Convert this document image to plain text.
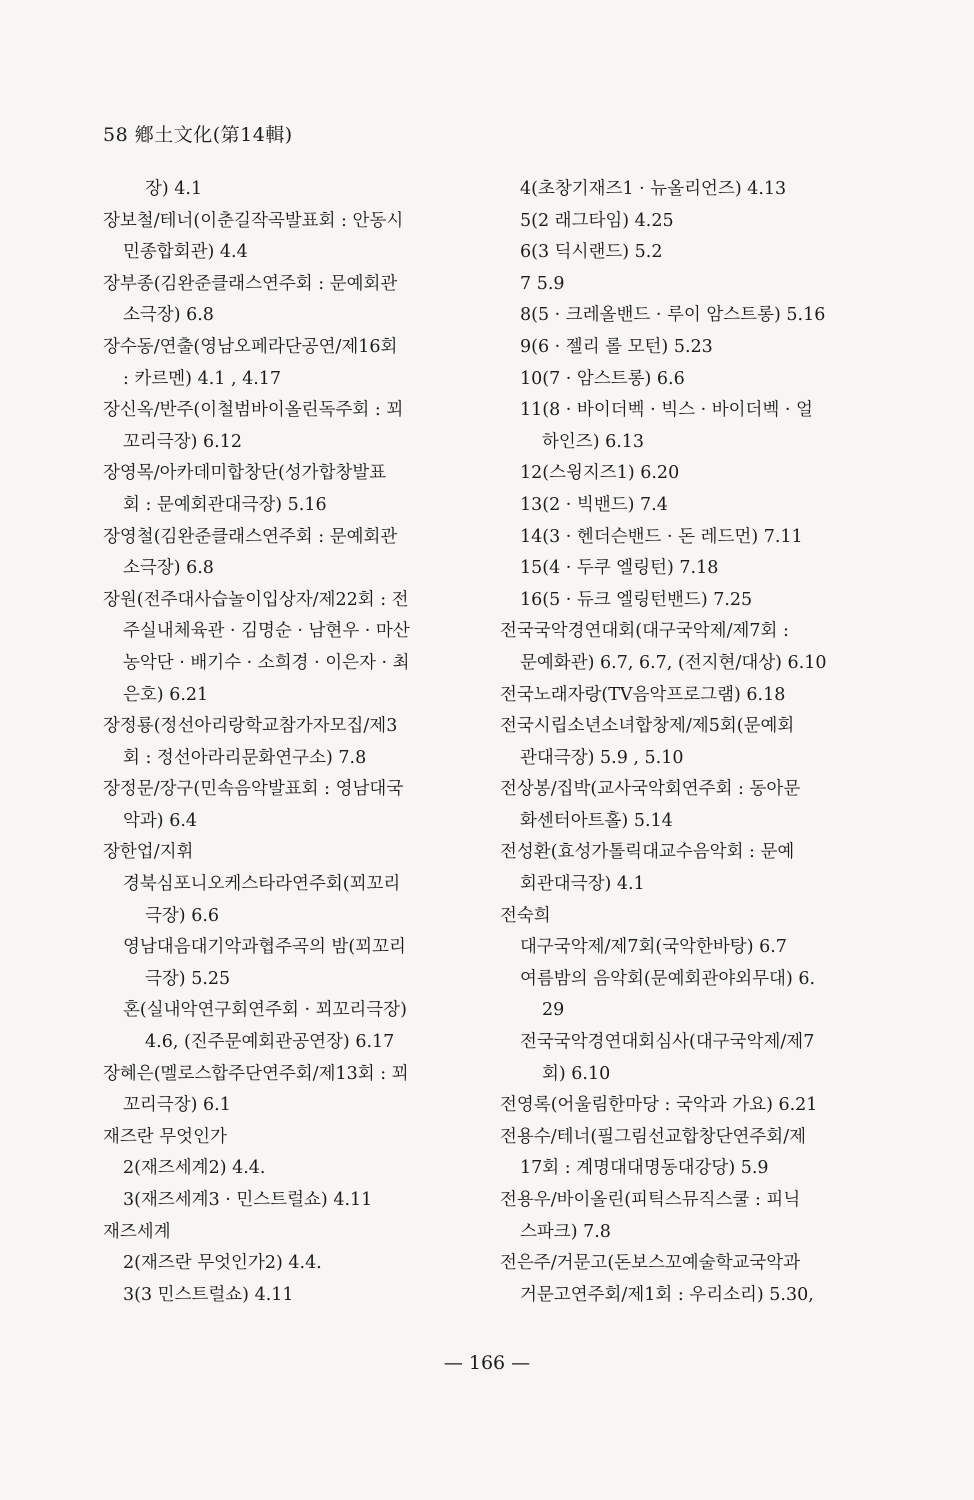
58 鄕土文化(第14輯)
장) 4.1
장보철/테너(이춘길작곡발표회 : 안동시
민종합회관) 4.4
장부종(김완준클래스연주회 : 문예회관
소극장) 6.8
장수동/연출(영남오페라단공연/제16회
: 카르멘) 4.1 , 4.17
장신옥/반주(이철범바이올린독주회 : 꾀
꼬리극장) 6.12
장영목/아카데미합창단(성가합창발표
회 : 문예회관대극장) 5.16
장영철(김완준클래스연주회 : 문예회관
소극장) 6.8
장원(전주대사습놀이입상자/제22회 : 전
주실내체육관 · 김명순 · 남현우 · 마산
농악단 · 배기수 · 소희경 · 이은자 · 최
은호) 6.21
장정룡(정선아리랑학교참가자모집/제3
회 : 정선아라리문화연구소) 7.8
장정문/장구(민속음악발표회 : 영남대국
악과) 6.4
장한업/지휘
경북심포니오케스타라연주회(꾀꼬리
극장) 6.6
영남대음대기악과협주곡의 밤(꾀꼬리
극장) 5.25
혼(실내악연구회연주회 · 꾀꼬리극장)
4.6, (진주문예회관공연장) 6.17
장혜은(멜로스합주단연주회/제13회 : 꾀
꼬리극장) 6.1
재즈란 무엇인가
2(재즈세계2) 4.4.
3(재즈세계3 · 민스트럴쇼) 4.11
재즈세계
2(재즈란 무엇인가2) 4.4.
3(3 민스트럴쇼) 4.11
4(초창기재즈1 · 뉴올리언즈) 4.13
5(2 래그타임) 4.25
6(3 딕시랜드) 5.2
7 5.9
8(5 · 크레올밴드 · 루이 암스트롱) 5.16
9(6 · 젤리 롤 모턴) 5.23
10(7 · 암스트롱) 6.6
11(8 · 바이더벡 · 빅스 · 바이더벡 · 얼
하인즈) 6.13
12(스윙지즈1) 6.20
13(2 · 빅밴드) 7.4
14(3 · 헨더슨밴드 · 돈 레드먼) 7.11
15(4 · 두쿠 엘링턴) 7.18
16(5 · 듀크 엘링턴밴드) 7.25
전국국악경연대회(대구국악제/제7회 :
문예화관) 6.7, 6.7, (전지현/대상) 6.10
전국노래자랑(TV음악프로그램) 6.18
전국시립소년소녀합창제/제5회(문예회
관대극장) 5.9 , 5.10
전상봉/집박(교사국악회연주회 : 동아문
화센터아트홀) 5.14
전성환(효성가톨릭대교수음악회 : 문예
회관대극장) 4.1
전숙희
대구국악제/제7회(국악한바탕) 6.7
여름밤의 음악회(문예회관야외무대) 6.
29
전국국악경연대회심사(대구국악제/제7
회) 6.10
전영록(어울림한마당 : 국악과 가요) 6.21
전용수/테너(필그림선교합창단연주회/제
17회 : 계명대대명동대강당) 5.9
전용우/바이올린(피틱스뮤직스쿨 : 피닉
스파크) 7.8
전은주/거문고(돈보스꼬예술학교국악과
거문고연주회/제1회 : 우리소리) 5.30,
— 166 —
